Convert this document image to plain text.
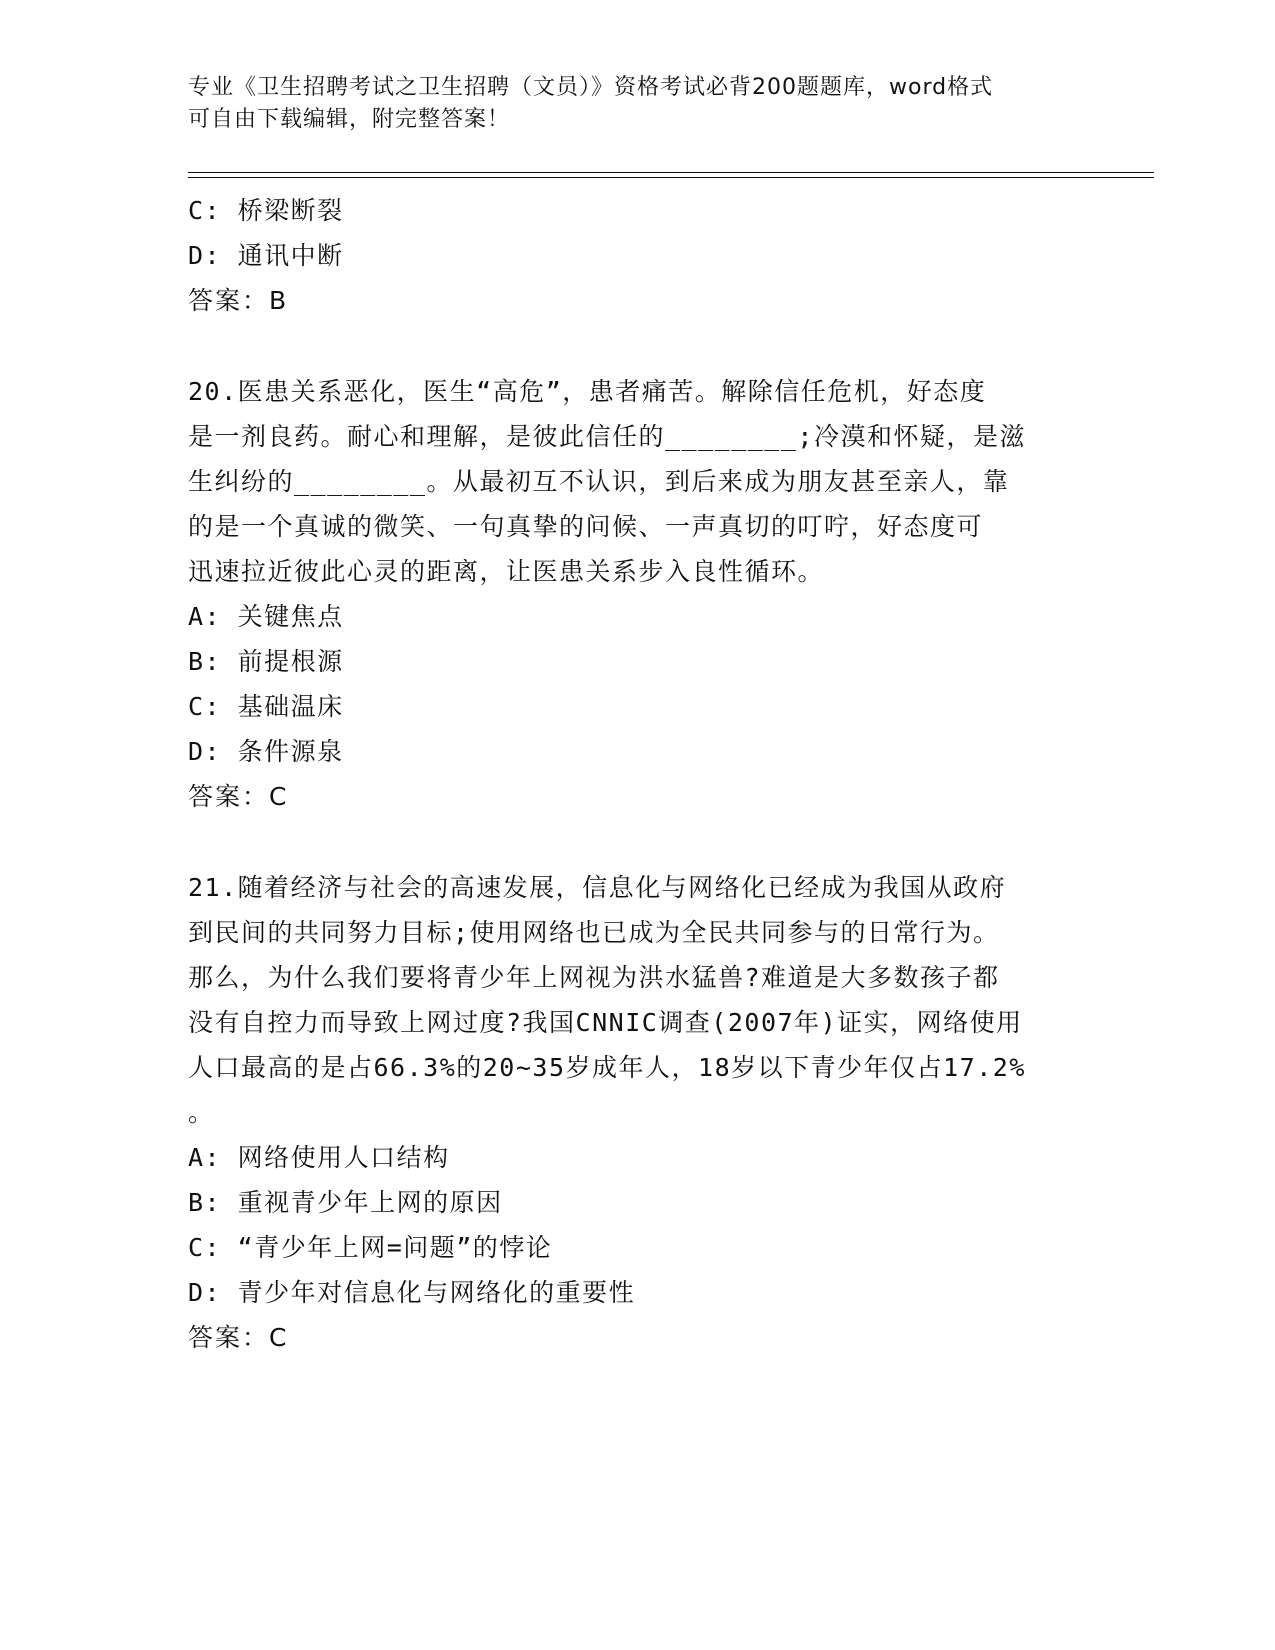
专业《卫生招聘考试之卫生招聘（文员）》资格考试必背200题题库，word格式
可自由下载编辑，附完整答案！
C: 桥梁断裂
D: 通讯中断
答案：B
20.医患关系恶化，医生“高危”，患者痛苦。解除信任危机，好态度
是一剂良药。耐心和理解，是彼此信任的________;冷漠和怀疑，是滋
生纠纷的________。从最初互不认识，到后来成为朋友甚至亲人，靠
的是一个真诚的微笑、一句真挚的问候、一声真切的叮咛，好态度可
迅速拉近彼此心灵的距离，让医患关系步入良性循环。
A: 关键焦点
B: 前提根源
C: 基础温床
D: 条件源泉
答案：C
21.随着经济与社会的高速发展，信息化与网络化已经成为我国从政府
到民间的共同努力目标;使用网络也已成为全民共同参与的日常行为。
那么，为什么我们要将青少年上网视为洪水猛兽?难道是大多数孩子都
没有自控力而导致上网过度?我国CNNIC调查(2007年)证实，网络使用
人口最高的是占66.3%的20~35岁成年人，18岁以下青少年仅占17.2%
。
A: 网络使用人口结构
B: 重视青少年上网的原因
C: “青少年上网=问题”的悖论
D: 青少年对信息化与网络化的重要性
答案：C
